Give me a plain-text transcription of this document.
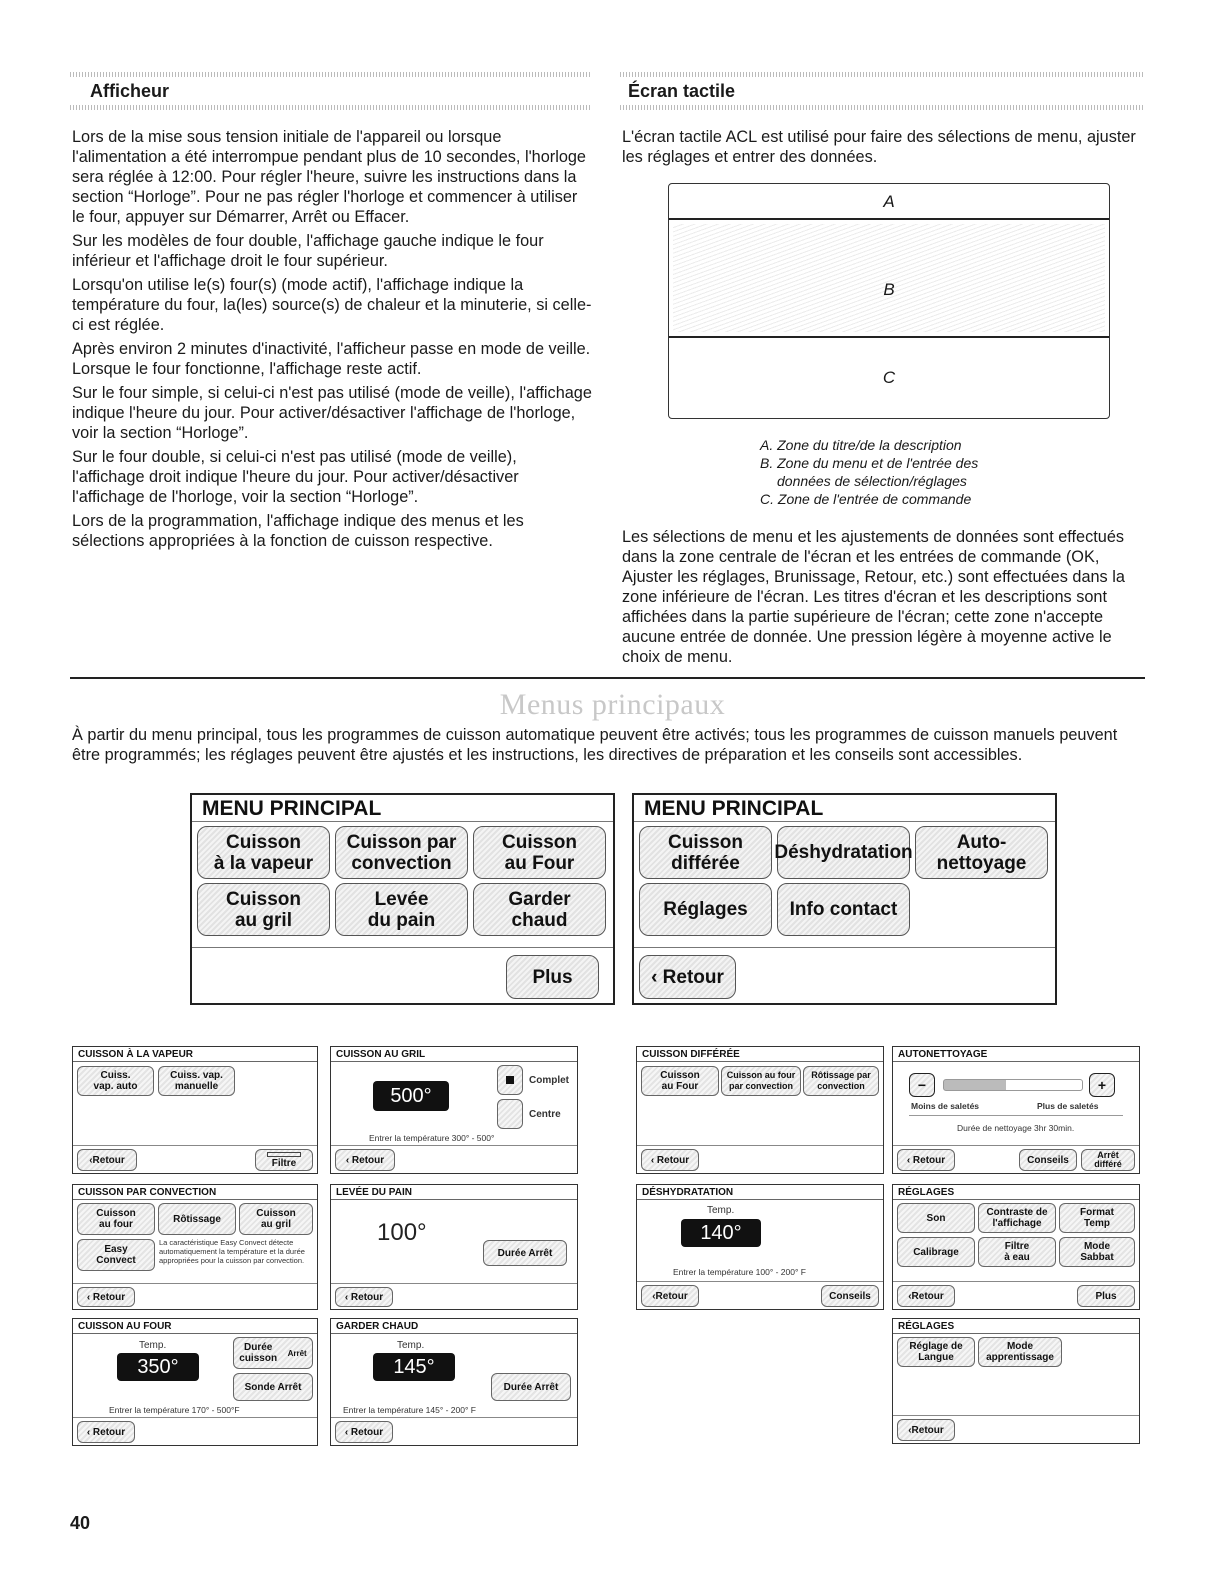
Afficheur

Lors de la mise sous tension initiale de l'appareil ou lorsque l'alimentation a été interrompue pendant plus de 10 secondes, l'horloge sera réglée à 12:00. Pour régler l'heure, suivre les instructions dans la section “Horloge”. Pour ne pas régler l'horloge et commencer à utiliser le four, appuyer sur Démarrer, Arrêt ou Effacer.

Sur les modèles de four double, l'affichage gauche indique le four inférieur et l'affichage droit le four supérieur.

Lorsqu'on utilise le(s) four(s) (mode actif), l'affichage indique la température du four, la(les) source(s) de chaleur et la minuterie, si celle-ci est réglée.

Après environ 2 minutes d'inactivité, l'afficheur passe en mode de veille. Lorsque le four fonctionne, l'affichage reste actif.

Sur le four simple, si celui-ci n'est pas utilisé (mode de veille), l'affichage indique l'heure du jour. Pour activer/désactiver l'affichage de l'horloge, voir la section “Horloge”.

Sur le four double, si celui-ci n'est pas utilisé (mode de veille), l'affichage droit indique l'heure du jour. Pour activer/désactiver l'affichage de l'horloge, voir la section “Horloge”.

Lors de la programmation, l'affichage indique des menus et les sélections appropriées à la fonction de cuisson respective.

Écran tactile
L'écran tactile ACL est utilisé pour faire des sélections de menu, ajuster les réglages et entrer des données.
A
B
C
A. Zone du titre/de la description
B. Zone du menu et de l'entrée des
données de sélection/réglages
C. Zone de l'entrée de commande
Les sélections de menu et les ajustements de données sont effectués dans la zone centrale de l'écran et les entrées de commande (OK, Ajuster les réglages, Brunissage, Retour, etc.) sont effectuées dans la zone inférieure de l'écran. Les titres d'écran et les descriptions sont affichées dans la partie supérieure de l'écran; cette zone n'accepte aucune entrée de donnée. Une pression légère à moyenne active le choix de menu.
Menus principaux
À partir du menu principal, tous les programmes de cuisson automatique peuvent être activés; tous les programmes de cuisson manuels peuvent être programmés; les réglages peuvent être ajustés et les instructions, les directives de préparation et les conseils sont accessibles.
MENU PRINCIPAL
Cuisson
à la vapeur
Cuisson par
convection
Cuisson
au Four
Cuisson
au gril
Levée
du pain
Garder
chaud
Plus
MENU PRINCIPAL
Cuisson
différée	Déshydratation	Auto-
nettoyage
Réglages	Info contact
‹ Retour
CUISSON À LA VAPEUR
Cuiss.
vap. auto
Cuiss. vap.
manuelle
‹Retour	Filtre
CUISSON AU GRIL
500°
Complet
Centre
Entrer la température 300° - 500°
‹ Retour
CUISSON PAR CONVECTION
Cuisson
au four	Rôtissage	Cuisson
au gril
Easy
Convect
La caractéristique Easy Convect détecte automatiquement la température et la durée appropriées pour la cuisson par convection.
‹ Retour
LEVÉE DU PAIN
100°
Durée Arrêt
‹ Retour
CUISSON AU FOUR
Temp.
350°
Durée
cuisson Arrêt
Sonde Arrêt
Entrer la température 170° - 500°F
‹ Retour
GARDER CHAUD
Temp.
145°
Durée Arrêt
Entrer la température 145° - 200° F
‹ Retour
CUISSON DIFFÉRÉE
Cuisson
au Four
Cuisson au four
par convection
Rôtissage par
convection
‹ Retour
AUTONETTOYAGE
−	+
Moins de saletés	Plus de saletés
Durée de nettoyage 3hr 30min.
‹ Retour	Conseils	Arrêt
différé
DÉSHYDRATATION
Temp.
140°
Entrer la température 100° - 200° F
‹Retour	Conseils
RÉGLAGES
Son	Contraste de
l'affichage
Format
Temp
Calibrage	Filtre
à eau
Mode
Sabbat
‹Retour	Plus
RÉGLAGES
Réglage de
Langue
Mode
apprentissage
‹Retour
40
